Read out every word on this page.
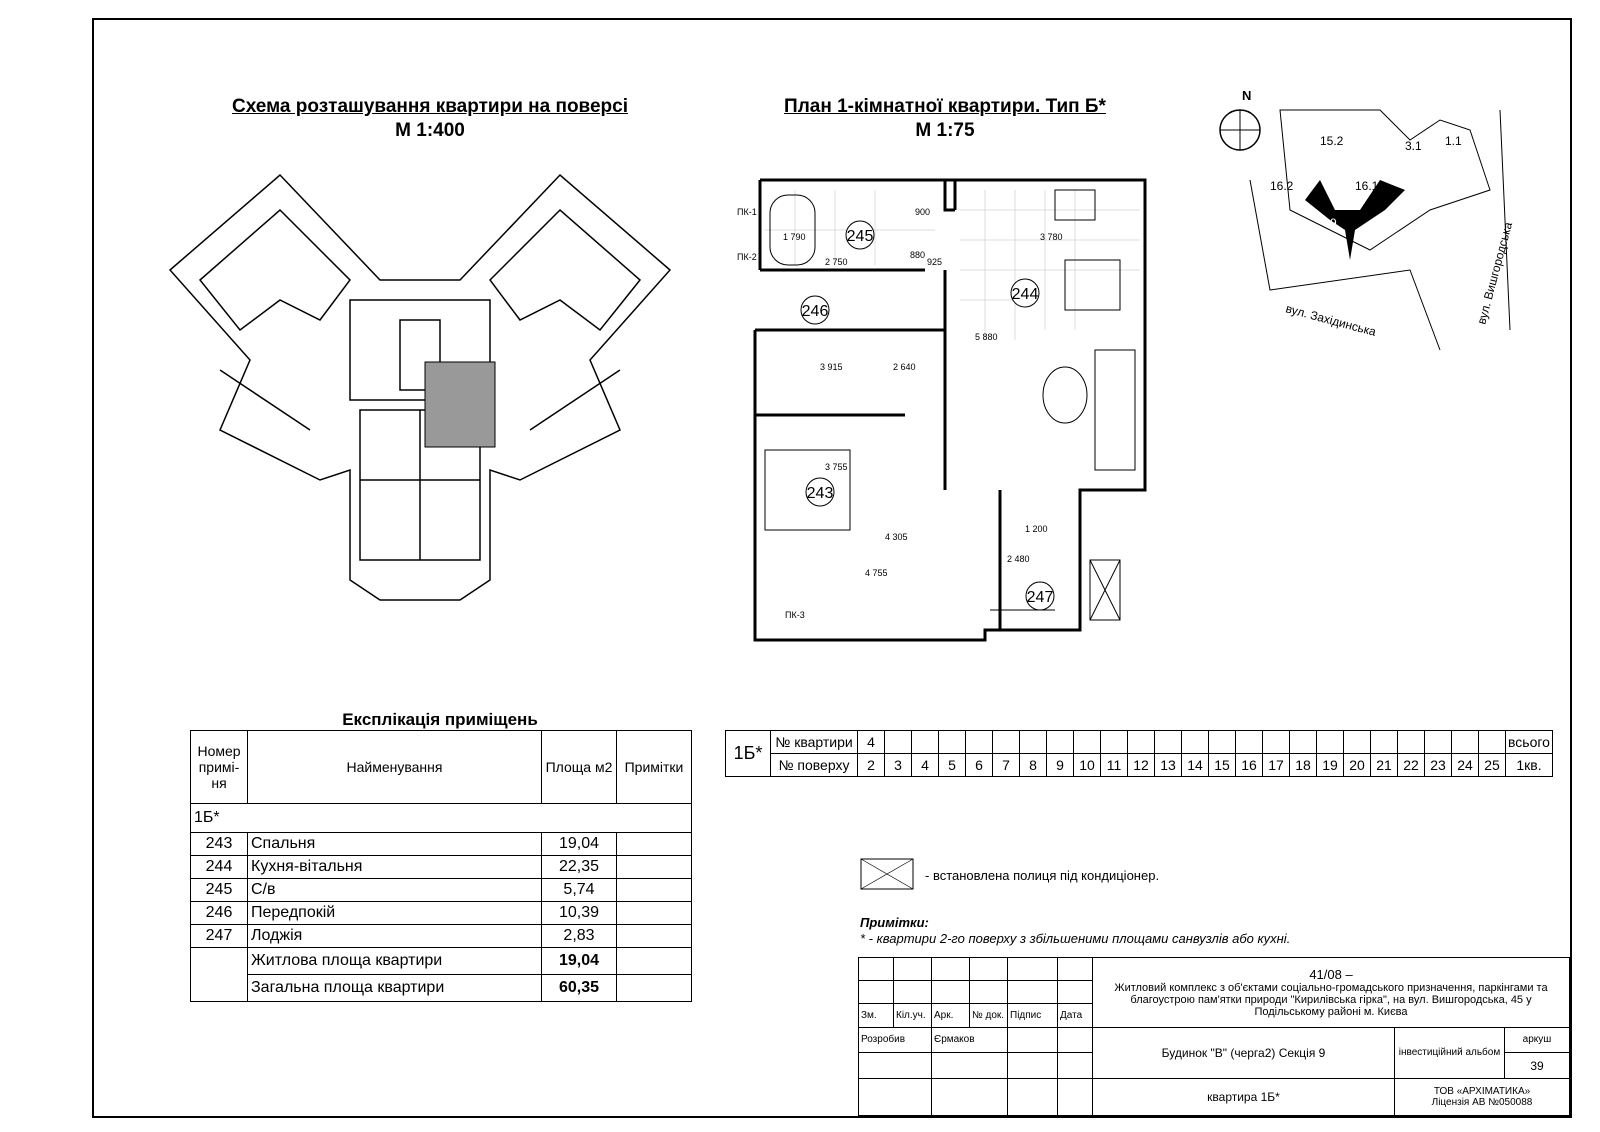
Схема розташування квартири на поверсі
М 1:400
План 1-кімнатної квартири. Тип Б*
М 1:75
245
246
244
243
247
1 790
2 750
900
880
925
3 780
2 640
5 880
3 915
3 755
4 305
4 755
1 200
2 480
ПК-1
ПК-2
ПК-3
N
15.2	3.1 1.1
16.2	16.1
9
вул. Західинська	вул. Вишгородська
Експлікація приміщень
Номер примі-ня	Найменування	Площа м2	Примітки
1Б*			
243	Спальня	19,04	
244	Кухня-вітальня	22,35	
245	С/в	5,74	
246	Передпокій	10,39	
247	Лоджія	2,83	
	Житлова площа квартири	19,04	
	Загальна площа квартири	60,35	
1Б*	№ квартири	4																								всього
	№ поверху	2	3	4	5	6	7	8	9	10	11	12	13	14	15	16	17	18	19	20	21	22	23	24	25	1кв.
- встановлена полиця під кондиціонер.
Примітки:
* - квартири 2-го поверху з збільшеними площами санвузлів або кухні.

						41/08 –
Житловий комплекс з об'єктами соціально-громадського призначення, паркінгами та благоустрою пам'ятки природи "Кирилівська гірка", на вул. Вишгородська, 45 у Подільському районі м. Києва		

Зм.	Кіл.уч.	Арк.	№ док.	Підпис	Дата			
Розробив		Єрмаков				Будинок "В" (черга2) Секція 9	інвестиційний альбом	аркуш
								39
						квартира 1Б*	ТОВ «АРХІМАТИКА»
Ліцензія АВ №050088	
